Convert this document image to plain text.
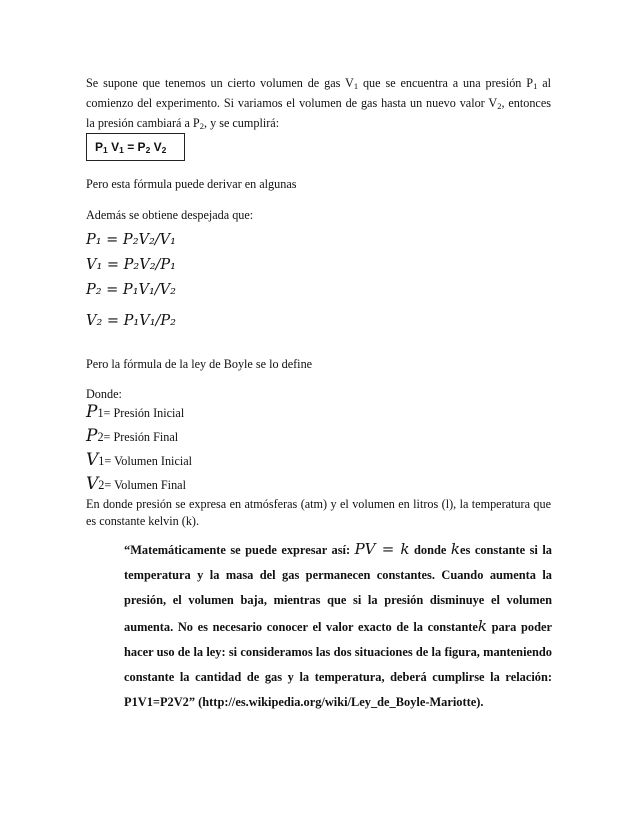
Se supone que tenemos un cierto volumen de gas $V_1$ que se encuentra a una presión $P_1$ al comienzo del experimento. Si variamos el volumen de gas hasta un nuevo valor $V_2$, entonces la presión cambiará a $P_2$, y se cumplirá:
$P_1$ $V_1 = P_2$ $V_2$
Pero esta fórmula puede derivar en algunas
Además se obtiene despejada que:
P₁ = P₂V₂/V₁
V₁ = P₂V₂/P₁
P₂ = P₁V₁/V₂
V₂ = P₁V₁/P₂
Pero la fórmula de la ley de Boyle se lo define
Donde:
P 1= Presión Inicial
P 2= Presión Final
V 1= Volumen Inicial
V 2= Volumen Final
En donde presión se expresa en atmósferas (atm) y el volumen en litros (l), la temperatura que es constante kelvin (k).
“Matemáticamente se puede expresar así: PV = k donde kes constante si la temperatura y la masa del gas permanecen constantes. Cuando aumenta la presión, el volumen baja, mientras que si la presión disminuye el volumen aumenta. No es necesario conocer el valor exacto de la constantek para poder hacer uso de la ley: si consideramos las dos situaciones de la figura, manteniendo constante la cantidad de gas y la temperatura, deberá cumplirse la relación: P1V1=P2V2” (http://es.wikipedia.org/wiki/Ley_de_Boyle-Mariotte).
